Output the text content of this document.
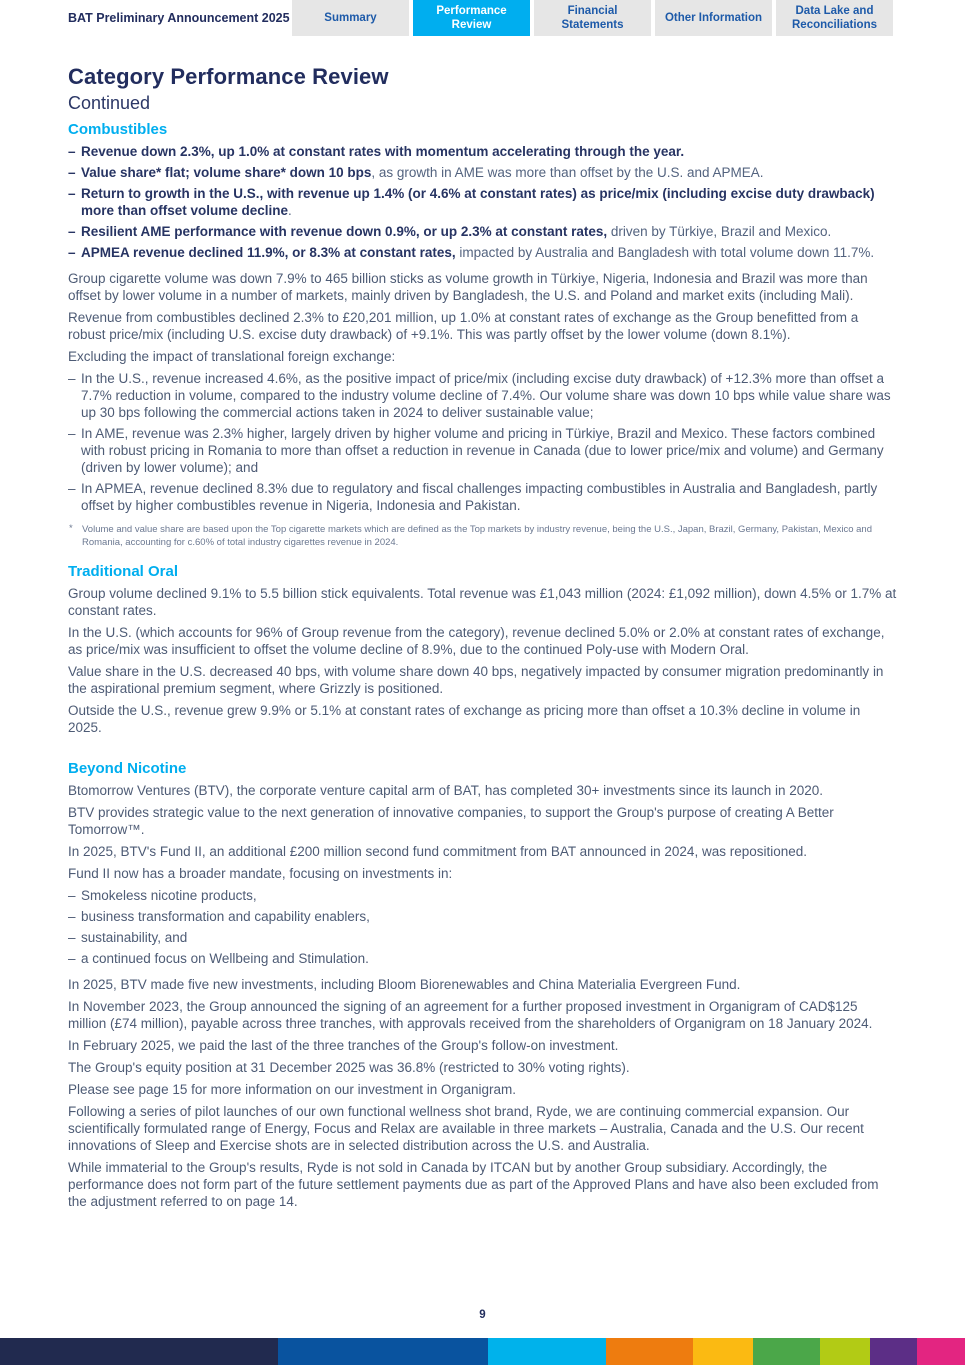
BAT Preliminary Announcement 2025	Summary
Performance Review
Financial Statements
Other Information
Data Lake and Reconciliations
Category Performance Review
Continued
Combustibles
– Revenue down 2.3%, up 1.0% at constant rates with momentum accelerating through the year.
– Value share* flat; volume share* down 10 bps, as growth in AME was more than offset by the U.S. and APMEA.
– Return to growth in the U.S., with revenue up 1.4% (or 4.6% at constant rates) as price/mix (including excise duty drawback) more than offset volume decline.
– Resilient AME performance with revenue down 0.9%, or up 2.3% at constant rates, driven by Türkiye, Brazil and Mexico.
– APMEA revenue declined 11.9%, or 8.3% at constant rates, impacted by Australia and Bangladesh with total volume down 11.7%.

Group cigarette volume was down 7.9% to 465 billion sticks as volume growth in Türkiye, Nigeria, Indonesia and Brazil was more than offset by lower volume in a number of markets, mainly driven by Bangladesh, the U.S. and Poland and market exits (including Mali).

Revenue from combustibles declined 2.3% to £20,201 million, up 1.0% at constant rates of exchange as the Group benefitted from a robust price/mix (including U.S. excise duty drawback) of +9.1%. This was partly offset by the lower volume (down 8.1%).

Excluding the impact of translational foreign exchange:

– In the U.S., revenue increased 4.6%, as the positive impact of price/mix (including excise duty drawback) of +12.3% more than offset a 7.7% reduction in volume, compared to the industry volume decline of 7.4%. Our volume share was down 10 bps while value share was up 30 bps following the commercial actions taken in 2024 to deliver sustainable value;
– In AME, revenue was 2.3% higher, largely driven by higher volume and pricing in Türkiye, Brazil and Mexico. These factors combined with robust pricing in Romania to more than offset a reduction in revenue in Canada (due to lower price/mix and volume) and Germany (driven by lower volume); and
– In APMEA, revenue declined 8.3% due to regulatory and fiscal challenges impacting combustibles in Australia and Bangladesh, partly offset by higher combustibles revenue in Nigeria, Indonesia and Pakistan.
* Volume and value share are based upon the Top cigarette markets which are defined as the Top markets by industry revenue, being the U.S., Japan, Brazil, Germany, Pakistan, Mexico and Romania, accounting for c.60% of total industry cigarettes revenue in 2024.
Traditional Oral

Group volume declined 9.1% to 5.5 billion stick equivalents. Total revenue was £1,043 million (2024: £1,092 million), down 4.5% or 1.7% at constant rates.

In the U.S. (which accounts for 96% of Group revenue from the category), revenue declined 5.0% or 2.0% at constant rates of exchange, as price/mix was insufficient to offset the volume decline of 8.9%, due to the continued Poly-use with Modern Oral.

Value share in the U.S. decreased 40 bps, with volume share down 40 bps, negatively impacted by consumer migration predominantly in the aspirational premium segment, where Grizzly is positioned.

Outside the U.S., revenue grew 9.9% or 5.1% at constant rates of exchange as pricing more than offset a 10.3% decline in volume in 2025.

Beyond Nicotine

Btomorrow Ventures (BTV), the corporate venture capital arm of BAT, has completed 30+ investments since its launch in 2020.

BTV provides strategic value to the next generation of innovative companies, to support the Group's purpose of creating A Better Tomorrow™.

In 2025, BTV's Fund II, an additional £200 million second fund commitment from BAT announced in 2024, was repositioned.

Fund II now has a broader mandate, focusing on investments in:

– Smokeless nicotine products,
– business transformation and capability enablers,
– sustainability, and
– a continued focus on Wellbeing and Stimulation.

In 2025, BTV made five new investments, including Bloom Biorenewables and China Materialia Evergreen Fund.

In November 2023, the Group announced the signing of an agreement for a further proposed investment in Organigram of CAD$125 million (£74 million), payable across three tranches, with approvals received from the shareholders of Organigram on 18 January 2024.

In February 2025, we paid the last of the three tranches of the Group's follow-on investment.

The Group's equity position at 31 December 2025 was 36.8% (restricted to 30% voting rights).

Please see page 15 for more information on our investment in Organigram.

Following a series of pilot launches of our own functional wellness shot brand, Ryde, we are continuing commercial expansion. Our scientifically formulated range of Energy, Focus and Relax are available in three markets – Australia, Canada and the U.S. Our recent innovations of Sleep and Exercise shots are in selected distribution across the U.S. and Australia.

While immaterial to the Group's results, Ryde is not sold in Canada by ITCAN but by another Group subsidiary. Accordingly, the performance does not form part of the future settlement payments due as part of the Approved Plans and have also been excluded from the adjustment referred to on page 14.

9
